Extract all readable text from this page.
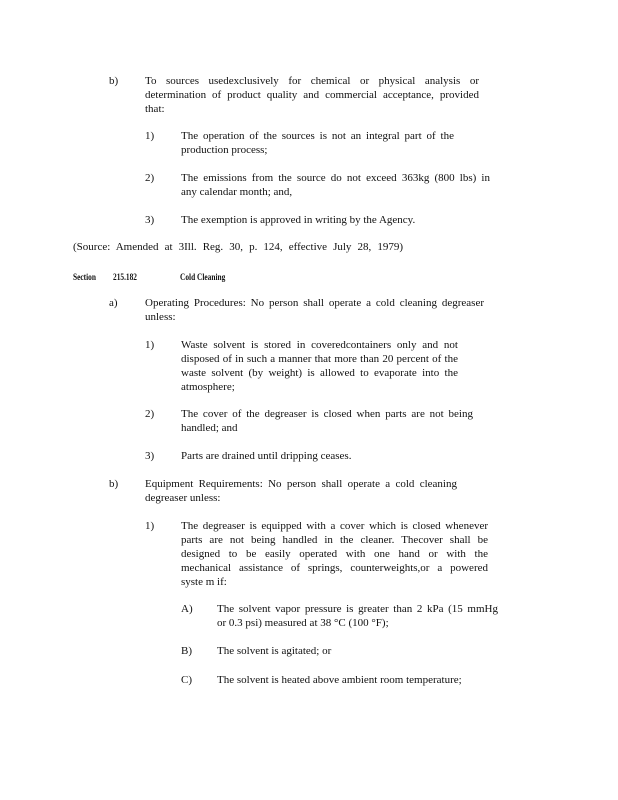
b) To sources usedexclusively for chemical or physical analysis or
determination of product quality and commercial acceptance, provided
that:
1) The operation of the sources is not an integral part of the
production process;
2) The emissions from the source do not exceed 363kg (800 lbs) in
any calendar month; and,
3) The exemption is approved in writing by the Agency.
(Source: Amended at 3Ill. Reg. 30, p. 124, effective July 28, 1979)
Section 215.182	Cold Cleaning
a) Operating Procedures: No person shall operate a cold cleaning degreaser
unless:
1) Waste solvent is stored in coveredcontainers only and not
disposed of in such a manner that more than 20 percent of the
waste solvent (by weight) is allowed to evaporate into the
atmosphere;
2) The cover of the degreaser is closed when parts are not being
handled; and
3) Parts are drained until dripping ceases.
b) Equipment Requirements: No person shall operate a cold cleaning
degreaser unless:
1) The degreaser is equipped with a cover which is closed whenever
parts are not being handled in the cleaner. Thecover shall be
designed to be easily operated with one hand or with the
mechanical assistance of springs, counterweights,or a powered
syste m if:
A) The solvent vapor pressure is greater than 2 kPa (15 mmHg
or 0.3 psi) measured at 38 °C (100 °F);
B) The solvent is agitated; or
C) The solvent is heated above ambient room temperature;
